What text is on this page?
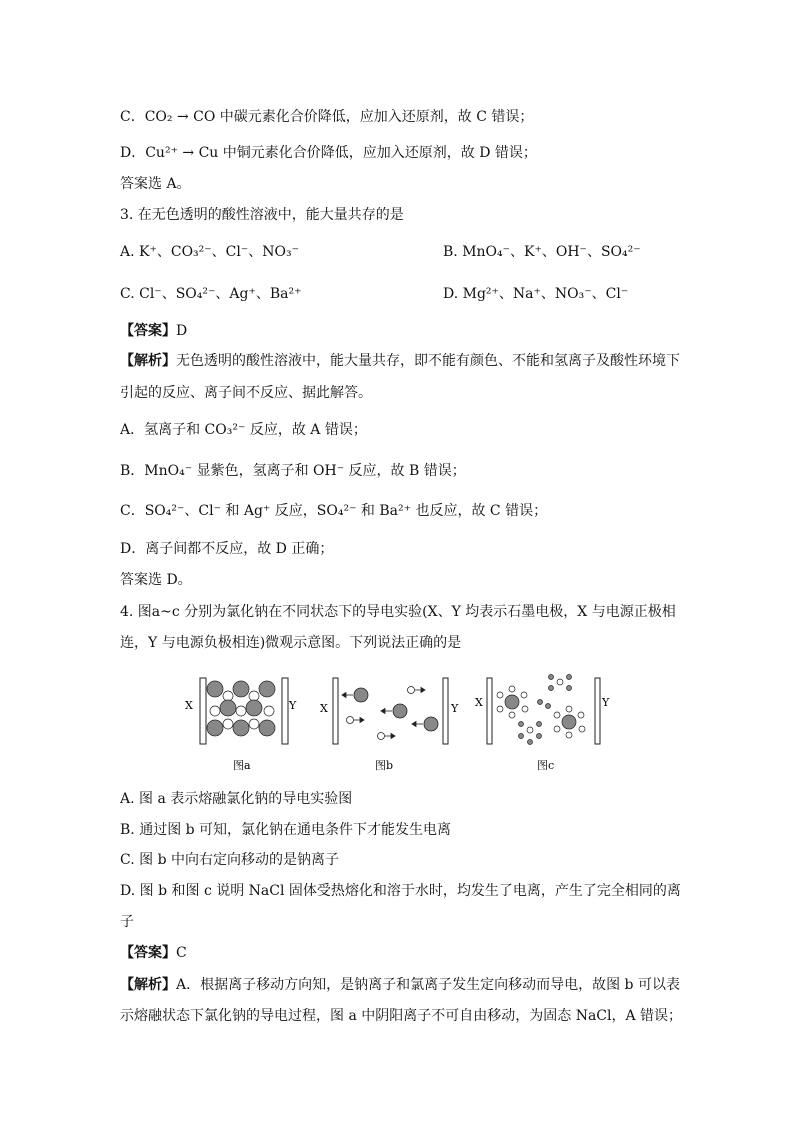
C．CO₂ → CO 中碳元素化合价降低，应加入还原剂，故 C 错误；
D．Cu²⁺ → Cu 中铜元素化合价降低，应加入还原剂，故 D 错误；
答案选 A。
3. 在无色透明的酸性溶液中，能大量共存的是
A. K⁺、CO₃²⁻、Cl⁻、NO₃⁻	B. MnO₄⁻、K⁺、OH⁻、SO₄²⁻
C. Cl⁻、SO₄²⁻、Ag⁺、Ba²⁺	D. Mg²⁺、Na⁺、NO₃⁻、Cl⁻
【答案】D
【解析】无色透明的酸性溶液中，能大量共存，即不能有颜色、不能和氢离子及酸性环境下
引起的反应、离子间不反应、据此解答。
A．氢离子和 CO₃²⁻ 反应，故 A 错误；
B．MnO₄⁻ 显紫色，氢离子和 OH⁻ 反应，故 B 错误；
C．SO₄²⁻、Cl⁻ 和 Ag⁺ 反应，SO₄²⁻ 和 Ba²⁺ 也反应，故 C 错误；
D．离子间都不反应，故 D 正确；
答案选 D。
4. 图a~c 分别为氯化钠在不同状态下的导电实验(X、Y 均表示石墨电极，X 与电源正极相
连，Y 与电源负极相连)微观示意图。下列说法正确的是
X	Y
图a
X	Y
图b
X	Y
图c
A. 图 a 表示熔融氯化钠的导电实验图
B. 通过图 b 可知，氯化钠在通电条件下才能发生电离
C. 图 b 中向右定向移动的是钠离子
D. 图 b 和图 c 说明 NaCl 固体受热熔化和溶于水时，均发生了电离，产生了完全相同的离
子
【答案】C
【解析】A．根据离子移动方向知，是钠离子和氯离子发生定向移动而导电，故图 b 可以表
示熔融状态下氯化钠的导电过程，图 a 中阴阳离子不可自由移动，为固态 NaCl，A 错误；
